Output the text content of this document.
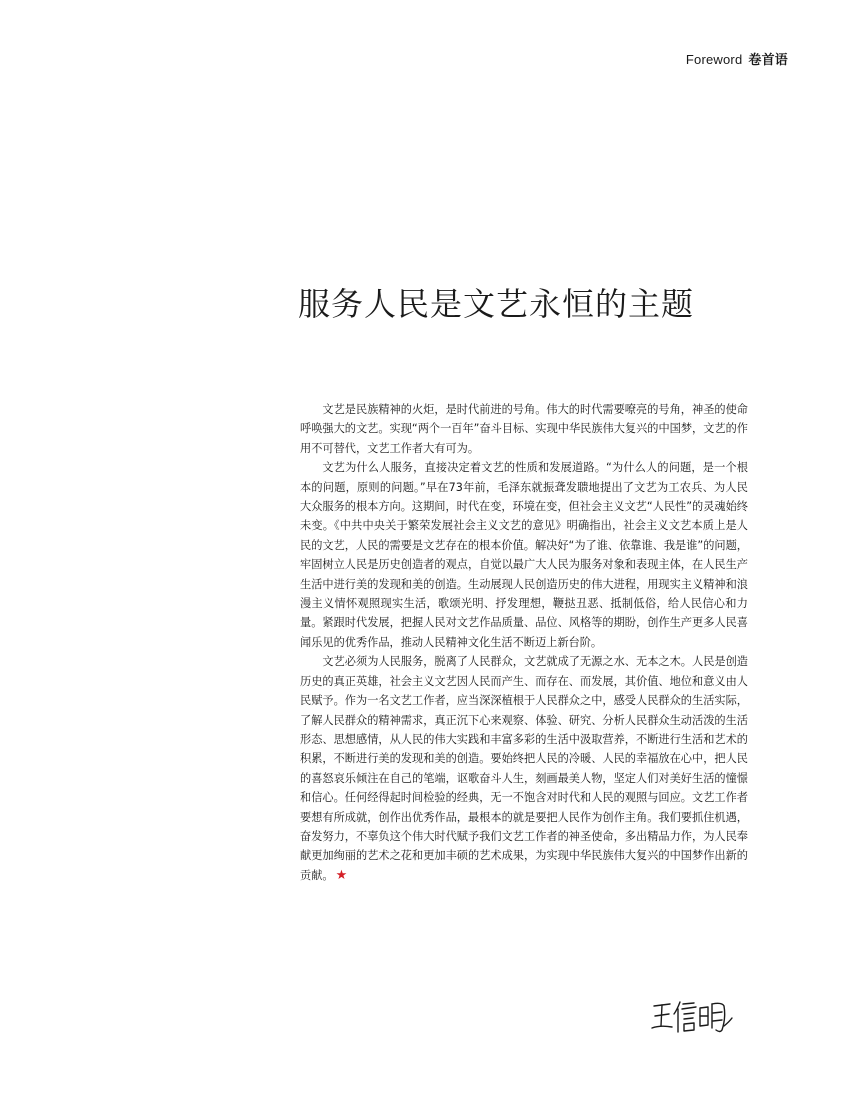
Foreword 卷首语
服务人民是文艺永恒的主题

文艺是民族精神的火炬，是时代前进的号角。伟大的时代需要嘹亮的号角，神圣的使命呼唤强大的文艺。实现“两个一百年”奋斗目标、实现中华民族伟大复兴的中国梦，文艺的作用不可替代，文艺工作者大有可为。

文艺为什么人服务，直接决定着文艺的性质和发展道路。“为什么人的问题，是一个根本的问题，原则的问题。”早在73年前，毛泽东就振聋发聩地提出了文艺为工农兵、为人民大众服务的根本方向。这期间，时代在变，环境在变，但社会主义文艺“人民性”的灵魂始终未变。《中共中央关于繁荣发展社会主义文艺的意见》明确指出，社会主义文艺本质上是人民的文艺，人民的需要是文艺存在的根本价值。解决好“为了谁、依靠谁、我是谁”的问题，牢固树立人民是历史创造者的观点，自觉以最广大人民为服务对象和表现主体，在人民生产生活中进行美的发现和美的创造。生动展现人民创造历史的伟大进程，用现实主义精神和浪漫主义情怀观照现实生活，歌颂光明、抒发理想，鞭挞丑恶、抵制低俗，给人民信心和力量。紧跟时代发展，把握人民对文艺作品质量、品位、风格等的期盼，创作生产更多人民喜闻乐见的优秀作品，推动人民精神文化生活不断迈上新台阶。

文艺必须为人民服务，脱离了人民群众，文艺就成了无源之水、无本之木。人民是创造历史的真正英雄，社会主义文艺因人民而产生、而存在、而发展，其价值、地位和意义由人民赋予。作为一名文艺工作者，应当深深植根于人民群众之中，感受人民群众的生活实际，了解人民群众的精神需求，真正沉下心来观察、体验、研究、分析人民群众生动活泼的生活形态、思想感情，从人民的伟大实践和丰富多彩的生活中汲取营养，不断进行生活和艺术的积累，不断进行美的发现和美的创造。要始终把人民的冷暖、人民的幸福放在心中，把人民的喜怒哀乐倾注在自己的笔端，讴歌奋斗人生，刻画最美人物，坚定人们对美好生活的憧憬和信心。任何经得起时间检验的经典，无一不饱含对时代和人民的观照与回应。文艺工作者要想有所成就，创作出优秀作品，最根本的就是要把人民作为创作主角。我们要抓住机遇，奋发努力，不辜负这个伟大时代赋予我们文艺工作者的神圣使命，多出精品力作，为人民奉献更加绚丽的艺术之花和更加丰硕的艺术成果，为实现中华民族伟大复兴的中国梦作出新的贡献。 ★
